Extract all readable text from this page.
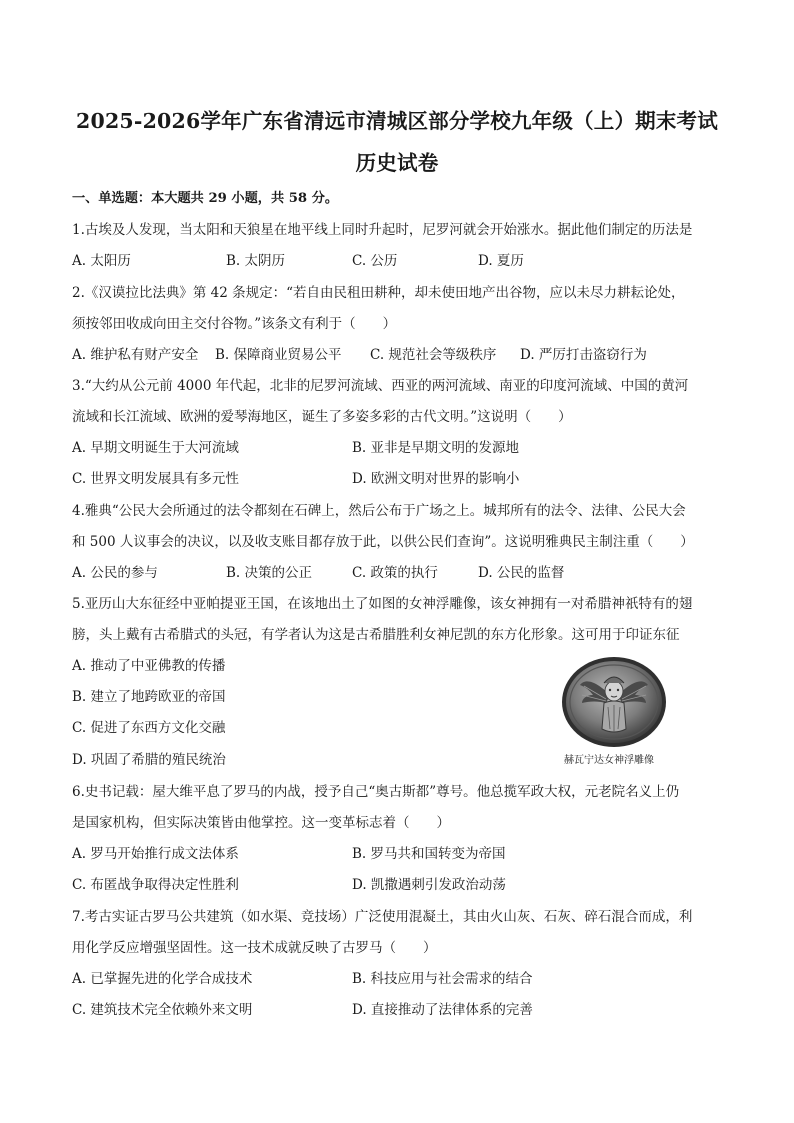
2025-2026学年广东省清远市清城区部分学校九年级（上）期末考试
历史试卷
一、单选题：本大题共 29 小题，共 58 分。
1.古埃及人发现，当太阳和天狼星在地平线上同时升起时，尼罗河就会开始涨水。据此他们制定的历法是
A. 太阳历	B. 太阴历	C. 公历	D. 夏历
2.《汉谟拉比法典》第 42 条规定：“若自由民租田耕种，却未使田地产出谷物，应以未尽力耕耘论处，
须按邻田收成向田主交付谷物。”该条文有利于（　　）
A. 维护私有财产安全 B. 保障商业贸易公平 C. 规范社会等级秩序 D. 严厉打击盗窃行为
3.“大约从公元前 4000 年代起，北非的尼罗河流域、西亚的两河流域、南亚的印度河流域、中国的黄河
流域和长江流域、欧洲的爱琴海地区，诞生了多姿多彩的古代文明。”这说明（　　）
A. 早期文明诞生于大河流域	B. 亚非是早期文明的发源地
C. 世界文明发展具有多元性	D. 欧洲文明对世界的影响小
4.雅典“公民大会所通过的法令都刻在石碑上，然后公布于广场之上。城邦所有的法令、法律、公民大会
和 500 人议事会的决议，以及收支账目都存放于此，以供公民们查询”。这说明雅典民主制注重（　　）
A. 公民的参与	B. 决策的公正	C. 政策的执行	D. 公民的监督
5.亚历山大东征经中亚帕提亚王国，在该地出土了如图的女神浮雕像，该女神拥有一对希腊神祇特有的翅
膀，头上戴有古希腊式的头冠，有学者认为这是古希腊胜利女神尼凯的东方化形象。这可用于印证东征
A. 推动了中亚佛教的传播
B. 建立了地跨欧亚的帝国
C. 促进了东西方文化交融
D. 巩固了希腊的殖民统治	赫瓦宁达女神浮雕像
6.史书记载：屋大维平息了罗马的内战，授予自己“奥古斯都”尊号。他总揽军政大权，元老院名义上仍
是国家机构，但实际决策皆由他掌控。这一变革标志着（　　）
A. 罗马开始推行成文法体系	B. 罗马共和国转变为帝国
C. 布匿战争取得决定性胜利	D. 凯撒遇刺引发政治动荡
7.考古实证古罗马公共建筑（如水渠、竞技场）广泛使用混凝土，其由火山灰、石灰、碎石混合而成，利
用化学反应增强坚固性。这一技术成就反映了古罗马（　　）
A. 已掌握先进的化学合成技术	B. 科技应用与社会需求的结合
C. 建筑技术完全依赖外来文明	D. 直接推动了法律体系的完善
